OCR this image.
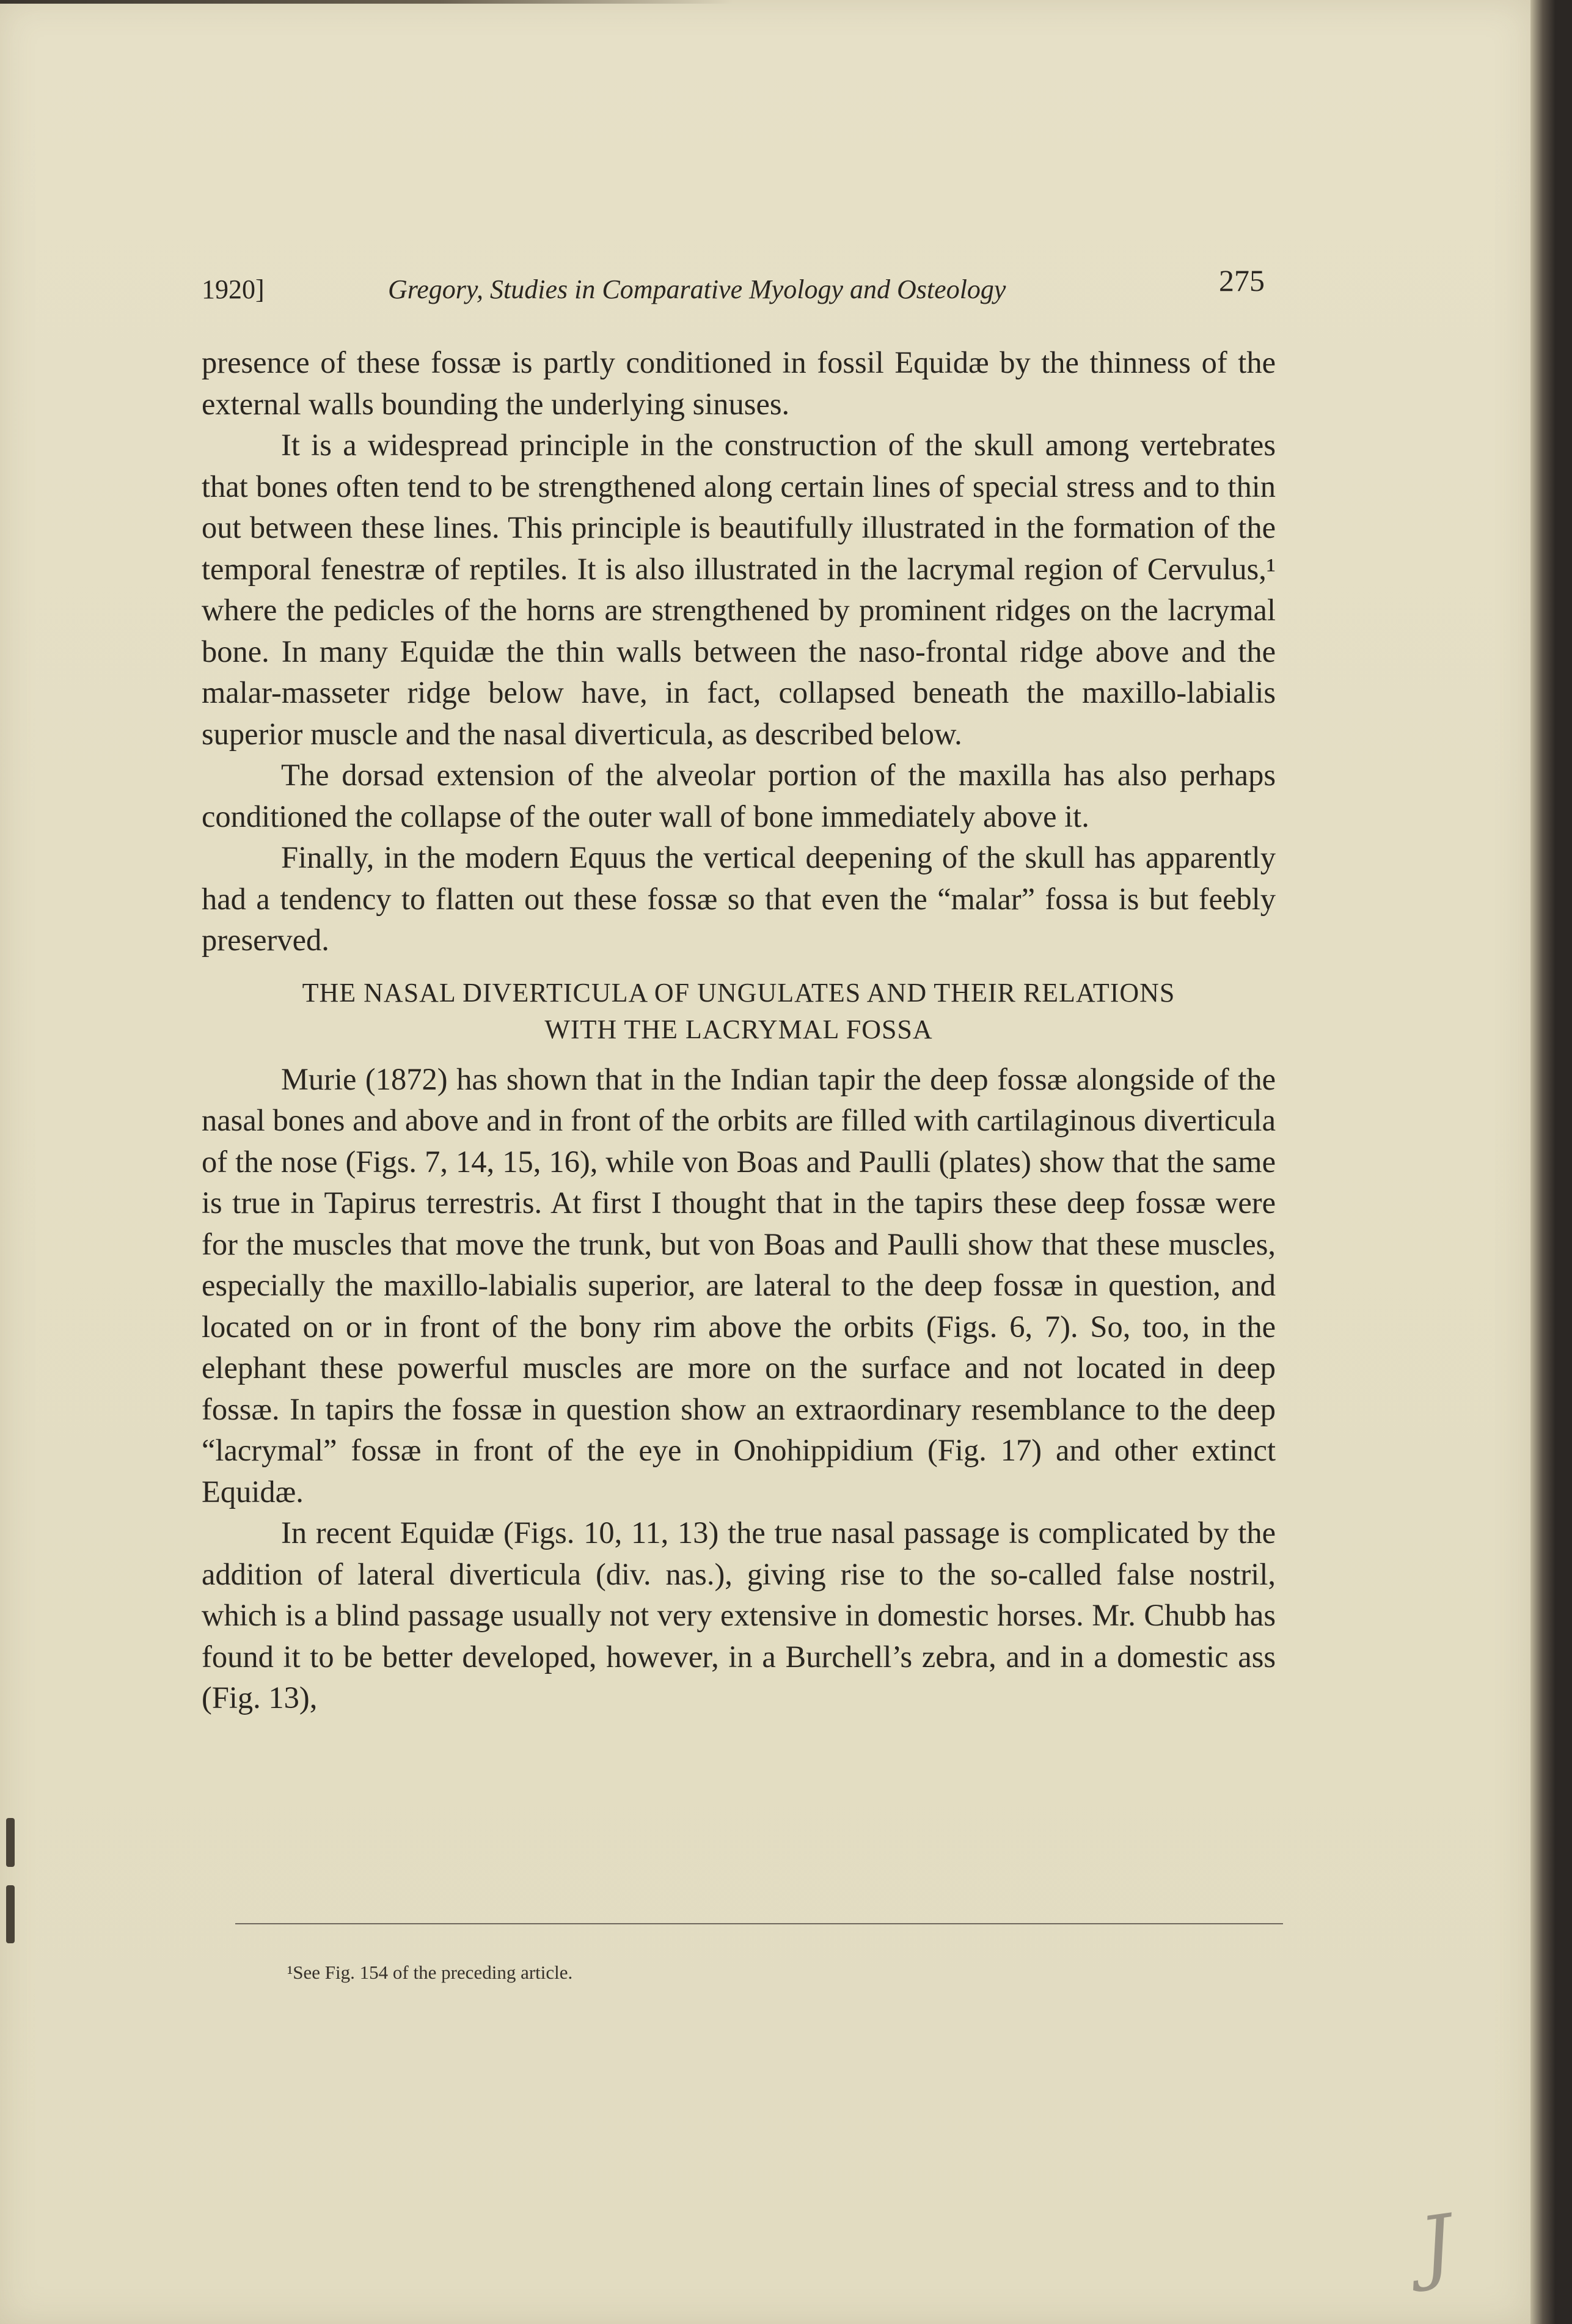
1920]	Gregory, Studies in Comparative Myology and Osteology	275

presence of these fossæ is partly conditioned in fossil Equidæ by the thinness of the external walls bounding the underlying sinuses.

It is a widespread principle in the construction of the skull among vertebrates that bones often tend to be strengthened along certain lines of special stress and to thin out between these lines. This principle is beautifully illustrated in the formation of the temporal fenestræ of reptiles. It is also illustrated in the lacrymal region of Cervulus,¹ where the pedicles of the horns are strengthened by prominent ridges on the lacrymal bone. In many Equidæ the thin walls between the naso-frontal ridge above and the malar-masseter ridge below have, in fact, collapsed beneath the maxillo-labialis superior muscle and the nasal diverticula, as described below.

The dorsad extension of the alveolar portion of the maxilla has also perhaps conditioned the collapse of the outer wall of bone immediately above it.

Finally, in the modern Equus the vertical deepening of the skull has apparently had a tendency to flatten out these fossæ so that even the “malar” fossa is but feebly preserved.

THE NASAL DIVERTICULA OF UNGULATES AND THEIR RELATIONS
WITH THE LACRYMAL FOSSA

Murie (1872) has shown that in the Indian tapir the deep fossæ alongside of the nasal bones and above and in front of the orbits are filled with cartilaginous diverticula of the nose (Figs. 7, 14, 15, 16), while von Boas and Paulli (plates) show that the same is true in Tapirus terrestris. At first I thought that in the tapirs these deep fossæ were for the muscles that move the trunk, but von Boas and Paulli show that these muscles, especially the maxillo-labialis superior, are lateral to the deep fossæ in question, and located on or in front of the bony rim above the orbits (Figs. 6, 7). So, too, in the elephant these powerful muscles are more on the surface and not located in deep fossæ. In tapirs the fossæ in question show an extraordinary resemblance to the deep “lacrymal” fossæ in front of the eye in Onohippidium (Fig. 17) and other extinct Equidæ.

In recent Equidæ (Figs. 10, 11, 13) the true nasal passage is complicated by the addition of lateral diverticula (div. nas.), giving rise to the so-called false nostril, which is a blind passage usually not very extensive in domestic horses. Mr. Chubb has found it to be better developed, however, in a Burchell’s zebra, and in a domestic ass (Fig. 13),

¹See Fig. 154 of the preceding article.
J
